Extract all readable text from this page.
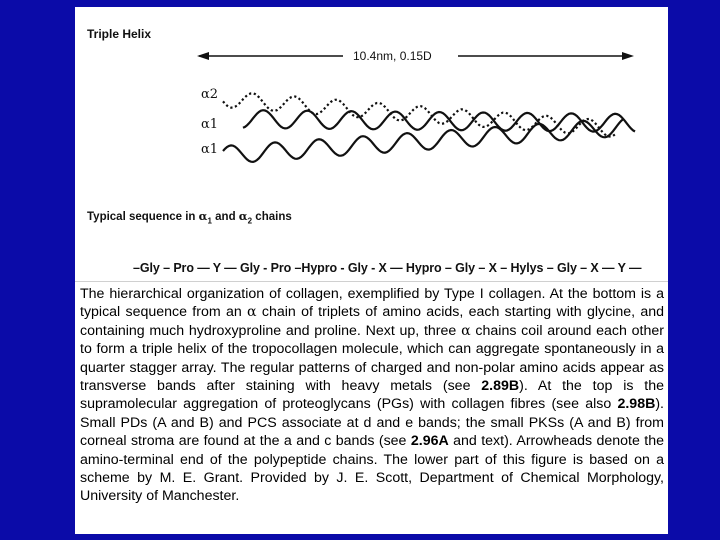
Triple Helix
10.4nm, 0.15D
α2
α1
α1
Typical sequence in $\alpha_1$ and $\alpha_2$ chains
–Gly – Pro — Y — Gly - Pro –Hypro - Gly - X — Hypro – Gly – X – Hylys – Gly – X — Y —

The hierarchical organization of collagen, exemplified by Type I collagen. At the bottom is a typical sequence from an α chain of triplets of amino acids, each starting with glycine, and containing much hydroxyproline and proline. Next up, three α chains coil around each other to form a triple helix of the tropocollagen molecule, which can aggregate spontaneously in a quarter stagger array. The regular patterns of charged and non-polar amino acids appear as transverse bands after staining with heavy metals (see 2.89B). At the top is the supramolecular aggregation of proteoglycans (PGs) with collagen fibres (see also 2.98B). Small PDs (A and B) and PCS associate at d and e bands; the small PKSs (A and B) from corneal stroma are found at the a and c bands (see 2.96A and text). Arrowheads denote the amino-terminal end of the polypeptide chains. The lower part of this figure is based on a scheme by M. E. Grant. Provided by J. E. Scott, Department of Chemical Morphology, University of Manchester.
